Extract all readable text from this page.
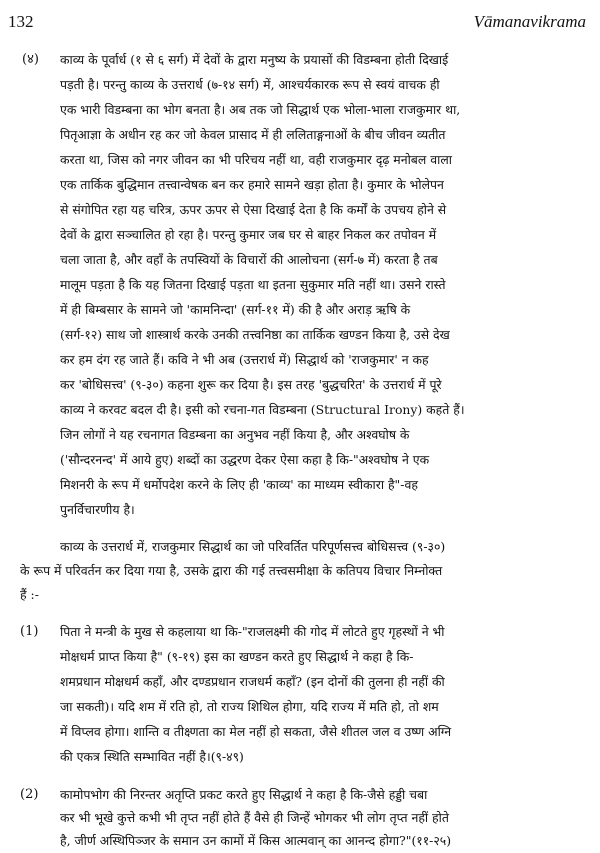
132	Vāmanavikrama
(४) काव्य के पूर्वार्ध (१ से ६ सर्ग) में देवों के द्वारा मनुष्य के प्रयासों की विडम्बना होती दिखाई
पड़ती है। परन्तु काव्य के उत्तरार्ध (७-१४ सर्ग) में, आश्चर्यकारक रूप से स्वयं वाचक ही
एक भारी विडम्बना का भोग बनता है। अब तक जो सिद्धार्थ एक भोला-भाला राजकुमार था,
पितृआज्ञा के अधीन रह कर जो केवल प्रासाद में ही ललिताङ्गनाओं के बीच जीवन व्यतीत
करता था, जिस को नगर जीवन का भी परिचय नहीं था, वही राजकुमार दृढ़ मनोबल वाला
एक तार्किक बुद्धिमान तत्त्वान्वेषक बन कर हमारे सामने खड़ा होता है। कुमार के भोलेपन
से संगोपित रहा यह चरित्र, ऊपर ऊपर से ऐसा दिखाई देता है कि कर्मों के उपचय होने से
देवों के द्वारा सञ्चालित हो रहा है। परन्तु कुमार जब घर से बाहर निकल कर तपोवन में
चला जाता है, और वहाँ के तपस्वियों के विचारों की आलोचना (सर्ग-७ में) करता है तब
मालूम पड़ता है कि यह जितना दिखाई पड़ता था इतना सुकुमार मति नहीं था। उसने रास्ते
में ही बिम्बसार के सामने जो 'कामनिन्दा' (सर्ग-११ में) की है और अराड़ ऋषि के
(सर्ग-१२) साथ जो शास्त्रार्थ करके उनकी तत्त्वनिष्ठा का तार्किक खण्डन किया है, उसे देख
कर हम दंग रह जाते हैं। कवि ने भी अब (उत्तरार्ध में) सिद्धार्थ को 'राजकुमार' न कह
कर 'बोधिसत्त्व' (९-३०) कहना शुरू कर दिया है। इस तरह 'बुद्धचरित' के उत्तरार्ध में पूरे
काव्य ने करवट बदल दी है। इसी को रचना-गत विडम्बना (Structural Irony) कहते हैं।
जिन लोगों ने यह रचनागत विडम्बना का अनुभव नहीं किया है, और अश्वघोष के
('सौन्दरनन्द' में आये हुए) शब्दों का उद्धरण देकर ऐसा कहा है कि-"अश्वघोष ने एक
मिशनरी के रूप में धर्मोपदेश करने के लिए ही 'काव्य' का माध्यम स्वीकारा है"-वह
पुनर्विचारणीय है।
काव्य के उत्तरार्ध में, राजकुमार सिद्धार्थ का जो परिवर्तित परिपूर्णसत्त्व बोधिसत्त्व (९-३०)
के रूप में परिवर्तन कर दिया गया है, उसके द्वारा की गई तत्त्वसमीक्षा के कतिपय विचार निम्नोक्त
हैं :-
(1) पिता ने मन्त्री के मुख से कहलाया था कि-"राजलक्ष्मी की गोद में लोटते हुए गृहस्थों ने भी
मोक्षधर्म प्राप्त किया है" (९-१९) इस का खण्डन करते हुए सिद्धार्थ ने कहा है कि-
शमप्रधान मोक्षधर्म कहाँ, और दण्डप्रधान राजधर्म कहाँ? (इन दोनों की तुलना ही नहीं की
जा सकती)। यदि शम में रति हो, तो राज्य शिथिल होगा, यदि राज्य में मति हो, तो शम
में विप्लव होगा। शान्ति व तीक्ष्णता का मेल नहीं हो सकता, जैसे शीतल जल व उष्ण अग्नि
की एकत्र स्थिति सम्भावित नहीं है।(९-४९)
(2) कामोपभोग की निरन्तर अतृप्ति प्रकट करते हुए सिद्धार्थ ने कहा है कि-जैसे हड्डी चबा
कर भी भूखे कुत्ते कभी भी तृप्त नहीं होते हैं वैसे ही जिन्हें भोगकर भी लोग तृप्त नहीं होते
है, जीर्ण अस्थिपिञ्जर के समान उन कामों में किस आत्मवान् का आनन्द होगा?"(११-२५)
